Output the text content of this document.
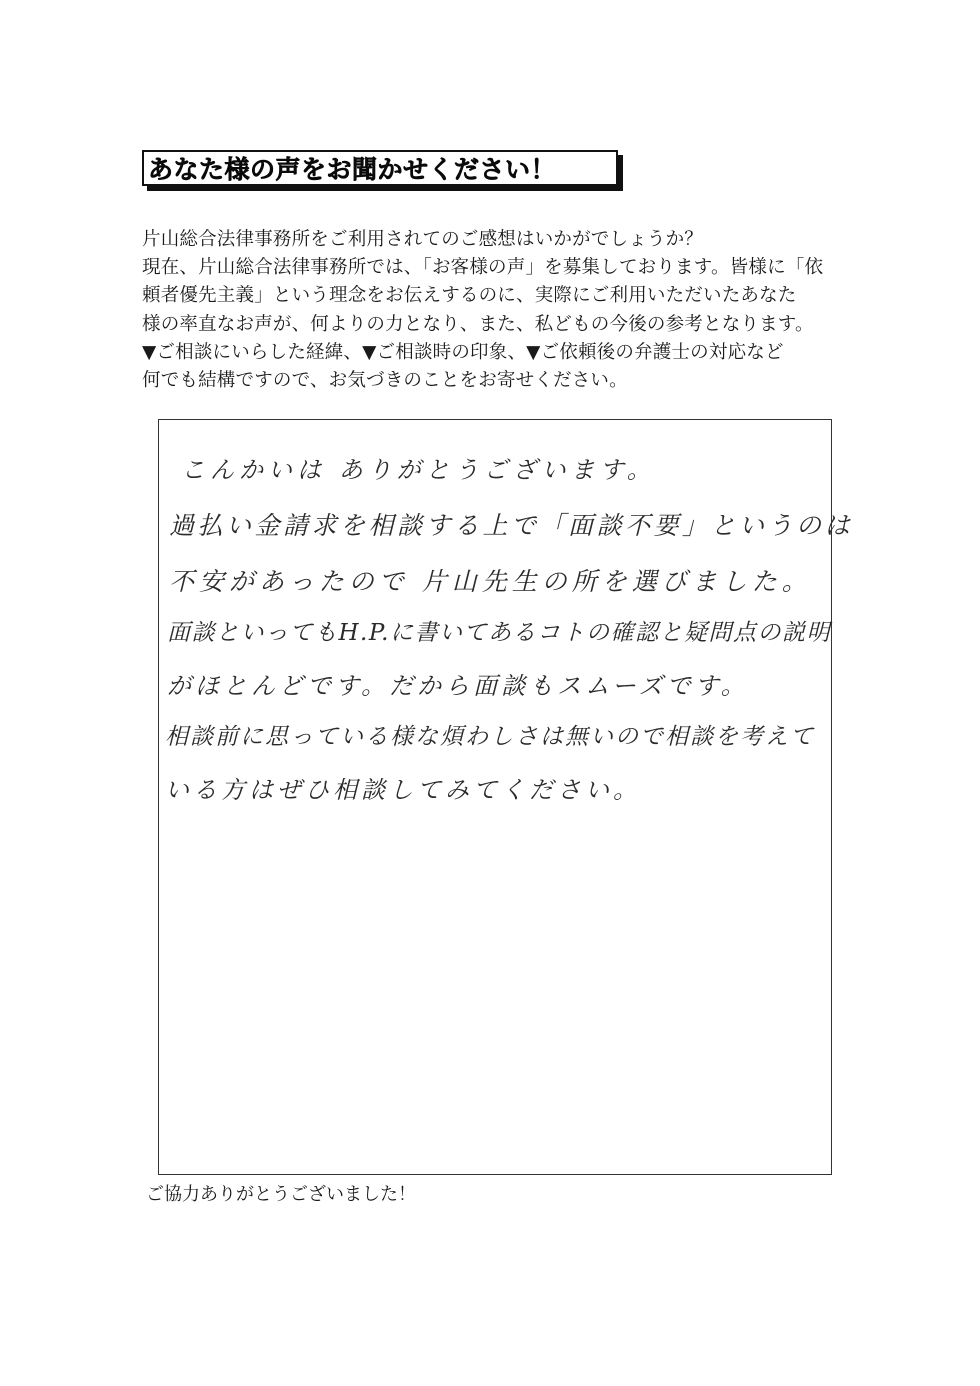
あなた様の声をお聞かせください！
片山総合法律事務所をご利用されてのご感想はいかがでしょうか？
現在、片山総合法律事務所では、「お客様の声」を募集しております。皆様に「依
頼者優先主義」という理念をお伝えするのに、実際にご利用いただいたあなた
様の率直なお声が、何よりの力となり、また、私どもの今後の参考となります。
▼ご相談にいらした経緯、▼ご相談時の印象、▼ご依頼後の弁護士の対応など
何でも結構ですので、お気づきのことをお寄せください。
こんかいは ありがとうございます。
過払い金請求を相談する上で「面談不要」というのは
不安があったので 片山先生の所を選びました。
面談といってもH.P.に書いてあるコトの確認と疑問点の説明
がほとんどです。だから面談もスムーズです。
相談前に思っている様な煩わしさは無いので相談を考えて
いる方はぜひ相談してみてください。
ご協力ありがとうございました！
